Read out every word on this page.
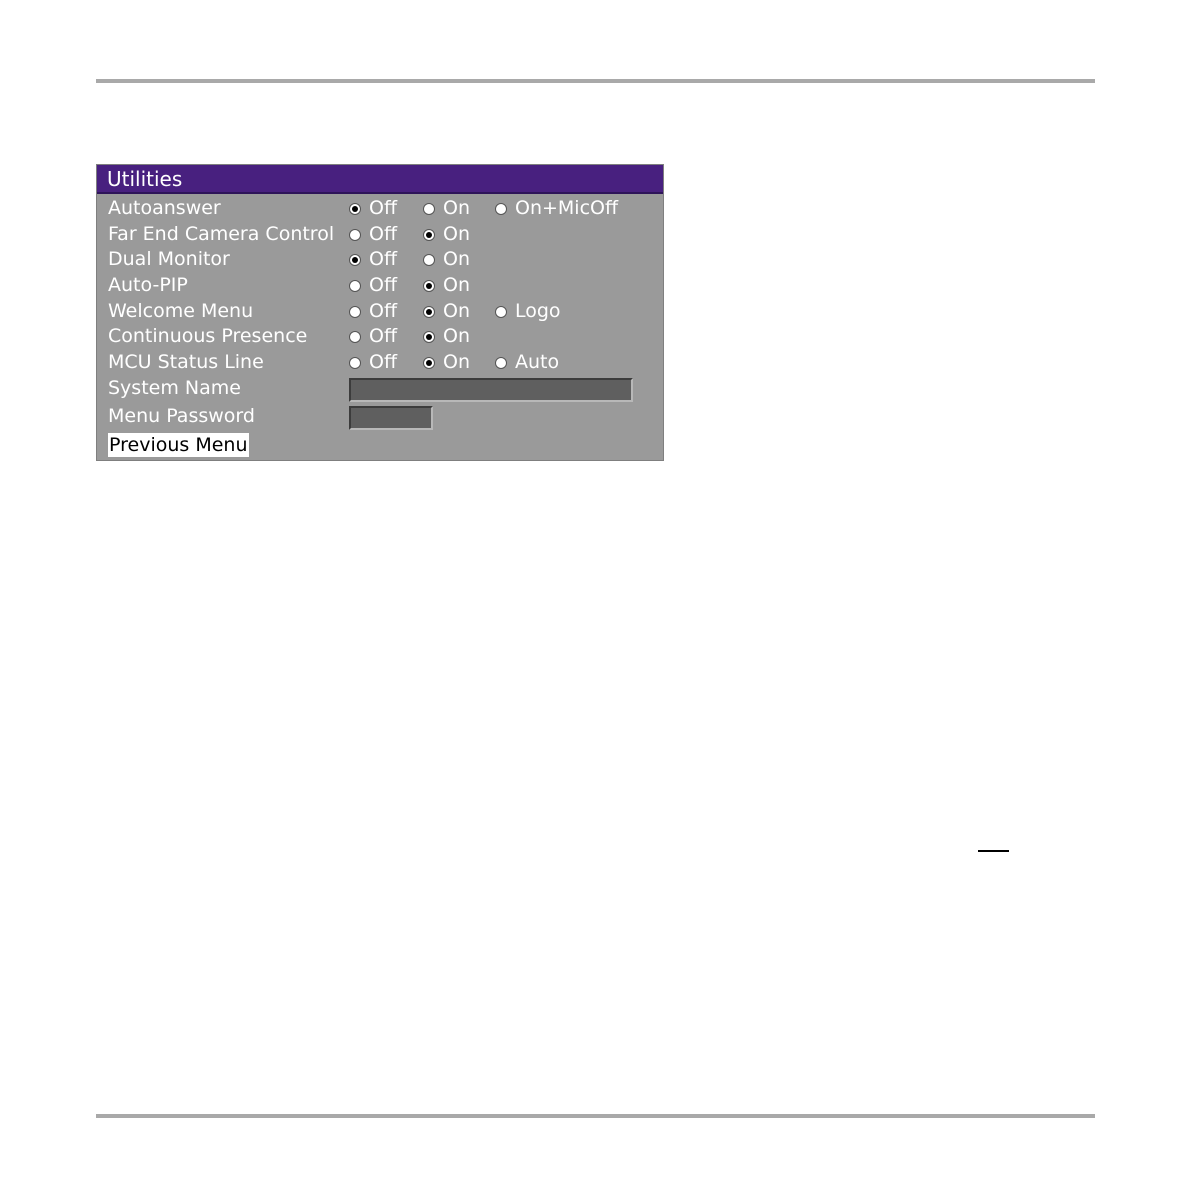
Utilities
Autoanswer	Off On On+MicOff
Far End Camera Control Off On
Dual Monitor	Off On
Auto-PIP	Off On
Welcome Menu	Off On Logo
Continuous Presence	Off On
MCU Status Line	Off On Auto
System Name
Menu Password
Previous Menu
